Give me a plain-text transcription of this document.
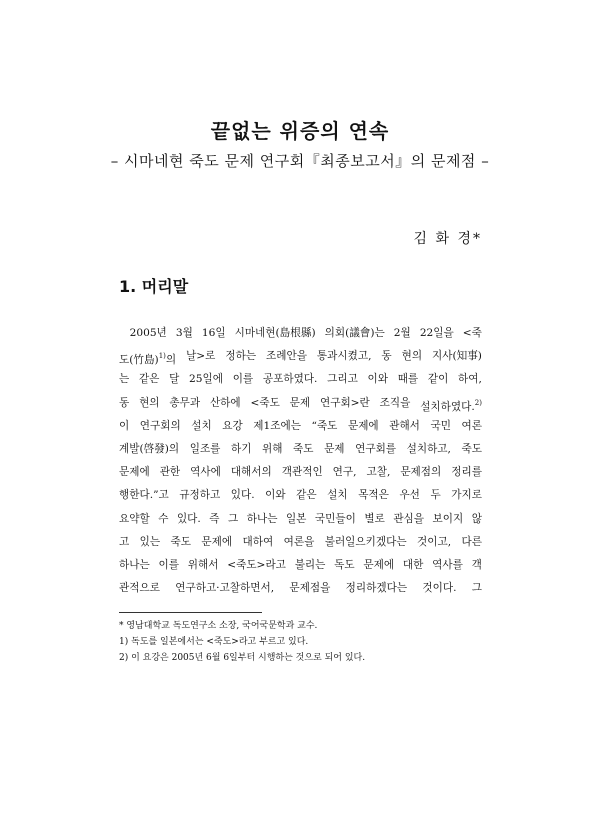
끝없는 위증의 연속
– 시마네현 죽도 문제 연구회『최종보고서』의 문제점 –
김 화 경*
1. 머리말
 2005년 3월 16일 시마네현(島根縣) 의회(議會)는 2월 22일을 <죽
도(竹島)$^{1)}$의 날>로 정하는 조례안을 통과시켰고, 동 현의 지사(知事)
는 같은 달 25일에 이를 공포하였다. 그리고 이와 때를 같이 하여,
동 현의 총무과 산하에 <죽도 문제 연구회>란 조직을 설치하였다.$^{2)}$
이 연구회의 설치 요강 제1조에는 “죽도 문제에 관해서 국민 여론
계발(啓發)의 일조를 하기 위해 죽도 문제 연구회를 설치하고, 죽도
문제에 관한 역사에 대해서의 객관적인 연구, 고찰, 문제점의 정리를
행한다.”고 규정하고 있다. 이와 같은 설치 목적은 우선 두 가지로
요약할 수 있다. 즉 그 하나는 일본 국민들이 별로 관심을 보이지 않
고 있는 죽도 문제에 대하여 여론을 불러일으키겠다는 것이고, 다른
하나는 이를 위해서 <죽도>라고 불리는 독도 문제에 대한 역사를 객
관적으로 연구하고·고찰하면서, 문제점을 정리하겠다는 것이다. 그
* 영남대학교 독도연구소 소장, 국어국문학과 교수.
1) 독도를 일본에서는 <죽도>라고 부르고 있다.
2) 이 요강은 2005년 6월 6일부터 시행하는 것으로 되어 있다.
